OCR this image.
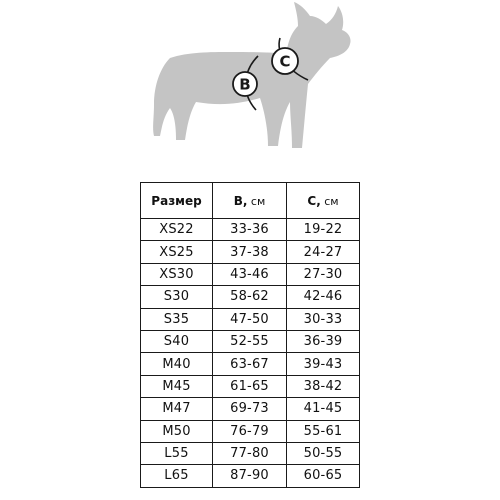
B
C
Размер	B, см	C, см
XS22	33-36	19-22
XS25	37-38	24-27
XS30	43-46	27-30
S30	58-62	42-46
S35	47-50	30-33
S40	52-55	36-39
M40	63-67	39-43
M45	61-65	38-42
M47	69-73	41-45
M50	76-79	55-61
L55	77-80	50-55
L65	87-90	60-65
